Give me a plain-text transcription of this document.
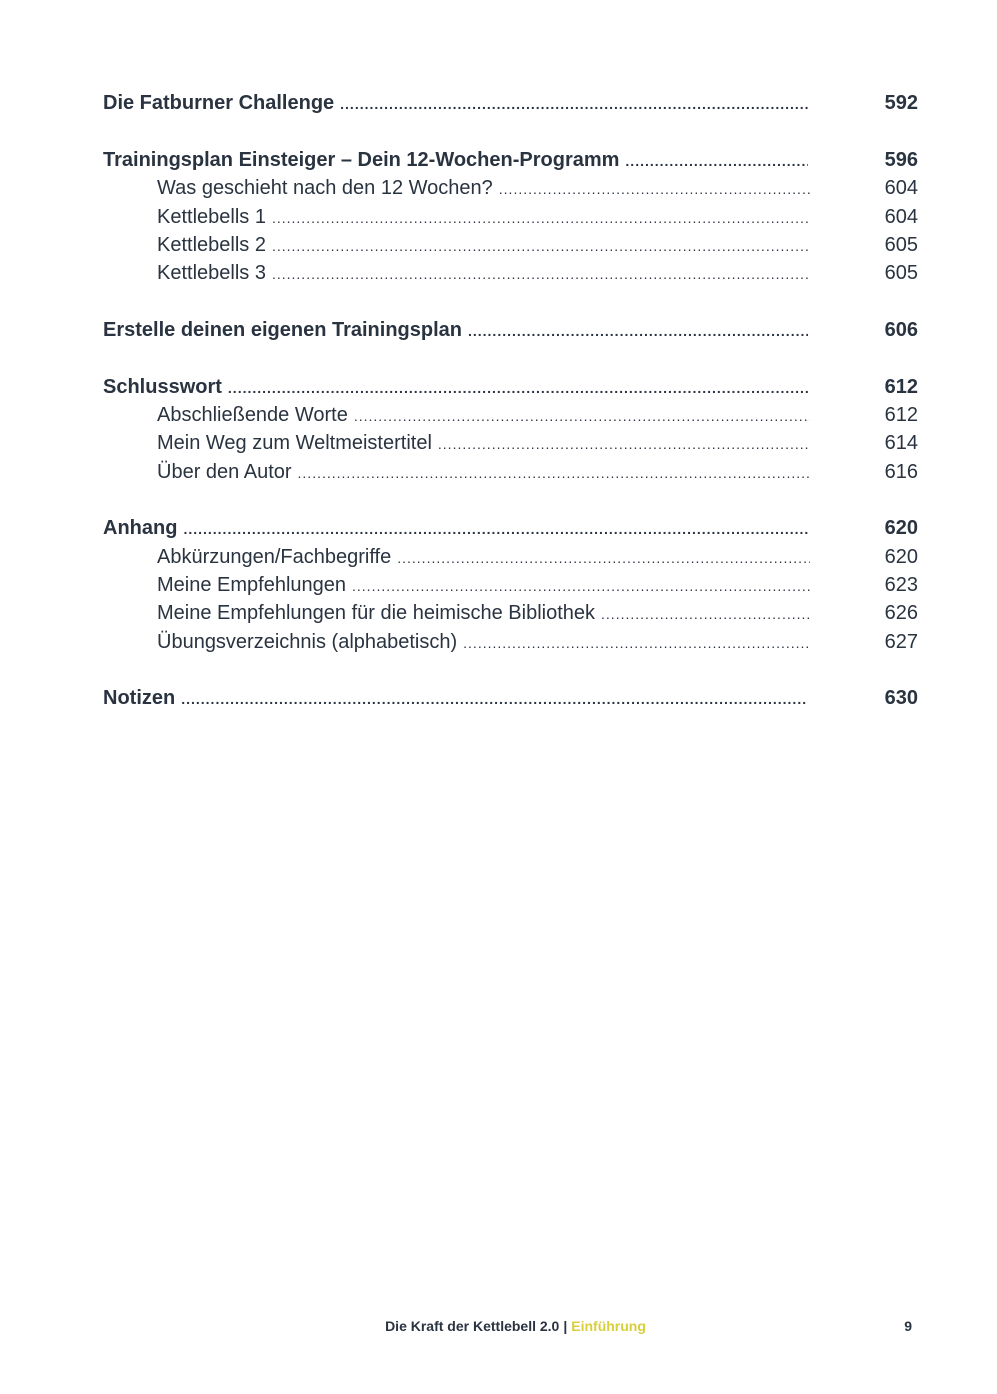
Die Fatburner Challenge .....	592
Trainingsplan Einsteiger – Dein 12-Wochen-Programm .....	596
Was geschieht nach den 12 Wochen? .....	604
Kettlebells 1 .....	604
Kettlebells 2 .....	605
Kettlebells 3 .....	605
Erstelle deinen eigenen Trainingsplan .....	606
Schlusswort .....	612
Abschließende Worte .....	612
Mein Weg zum Weltmeistertitel .....	614
Über den Autor .....	616
Anhang .....	620
Abkürzungen/Fachbegriffe .....	620
Meine Empfehlungen .....	623
Meine Empfehlungen für die heimische Bibliothek .....	626
Übungsverzeichnis (alphabetisch) .....	627
Notizen .....	630
Die Kraft der Kettlebell 2.0 | Einführung	9
